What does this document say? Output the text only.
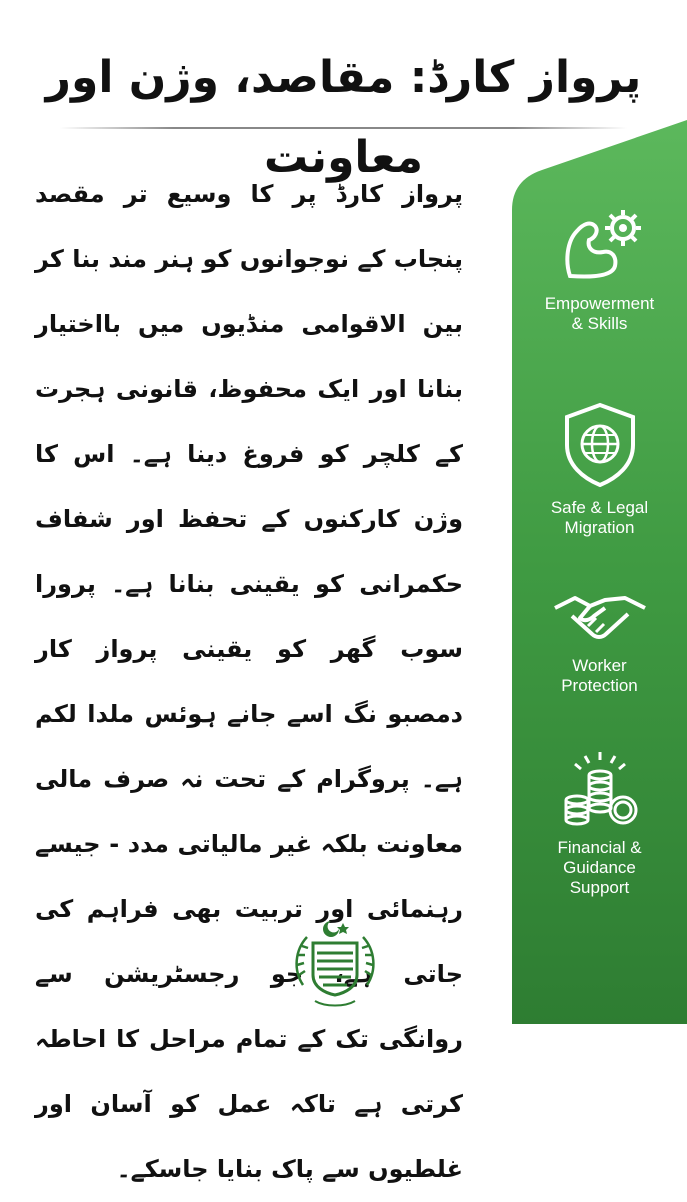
پرواز کارڈ: مقاصد، وژن اور معاونت
پرواز کارڈ پر کا وسیع تر مقصد پنجاب کے نوجوانوں کو ہنر مند بنا کر بین الاقوامی منڈیوں میں بااختیار بنانا اور ایک محفوظ، قانونی ہجرت کے کلچر کو فروغ دینا ہے۔ اس کا وژن کارکنوں کے تحفظ اور شفاف حکمرانی کو یقینی بنانا ہے۔ پرورا سوب گھر کو یقینی پرواز کار دمصبو نگ اسے جانے ہوئس ملدا لکم ہے۔ پروگرام کے تحت نہ صرف مالی معاونت بلکہ غیر مالیاتی مدد - جیسے رہنمائی اور تربیت بھی فراہم کی جاتی ہے، جو رجسٹریشن سے روانگی تک کے تمام مراحل کا احاطہ کرتی ہے تاکہ عمل کو آسان اور غلطیوں سے پاک بنایا جاسکے۔
Empowerment
& Skills
Safe & Legal
Migration
Worker
Protection
Financial &
Guidance
Support
